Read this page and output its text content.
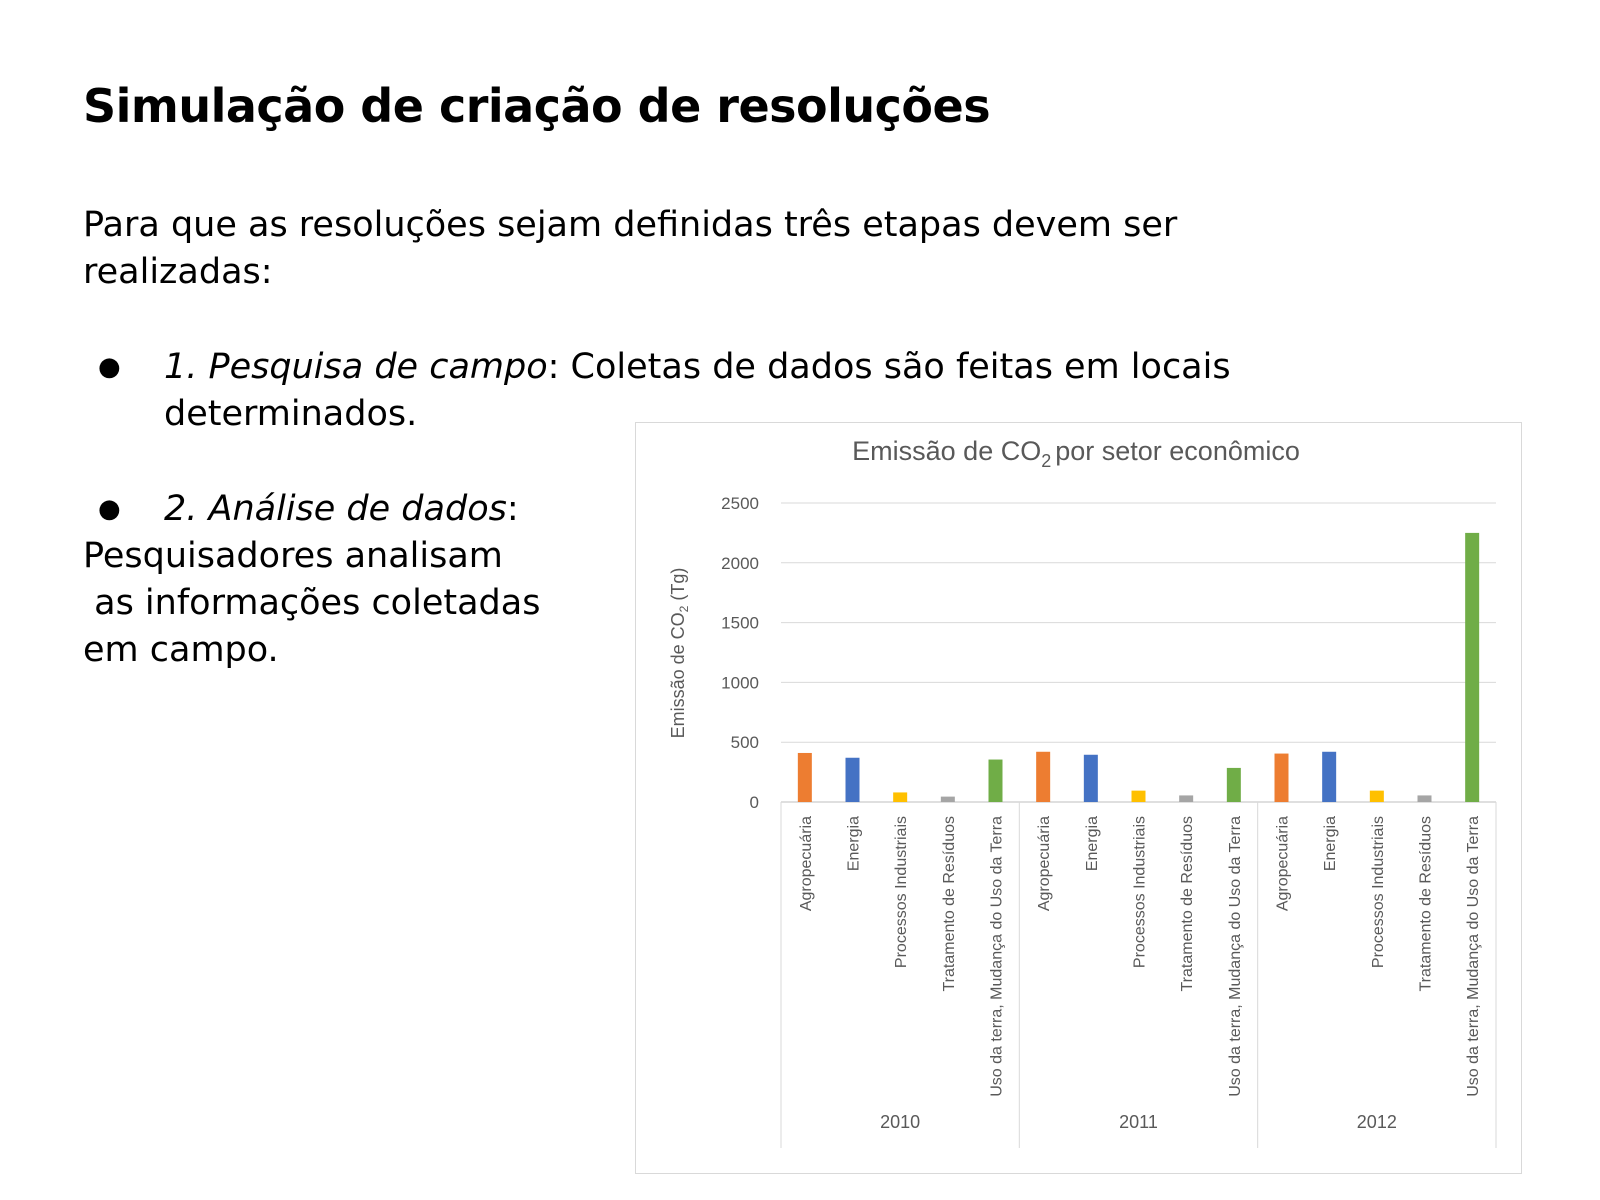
Simulação de criação de resoluções

Para que as resoluções sejam definidas três etapas devem ser realizadas:

●	1. Pesquisa de campo: Coletas de dados são feitas em locais determinados.
●	2. Análise de dados:
Pesquisadores analisam
as informações coletadas
em campo.
Emissão de $CO_2$ por setor econômico
Emissão de $CO_2$ (Tg)
0
500
1000
1500
2000
2500
Agropecuária Energia Processos Industriais Tratamento de Resíduos Uso da terra, Mudança do Uso da Terra
2010
Agropecuária Energia Processos Industriais Tratamento de Resíduos Uso da terra, Mudança do Uso da Terra
2011
Agropecuária Energia Processos Industriais Tratamento de Resíduos Uso da terra, Mudança do Uso da Terra
2012
